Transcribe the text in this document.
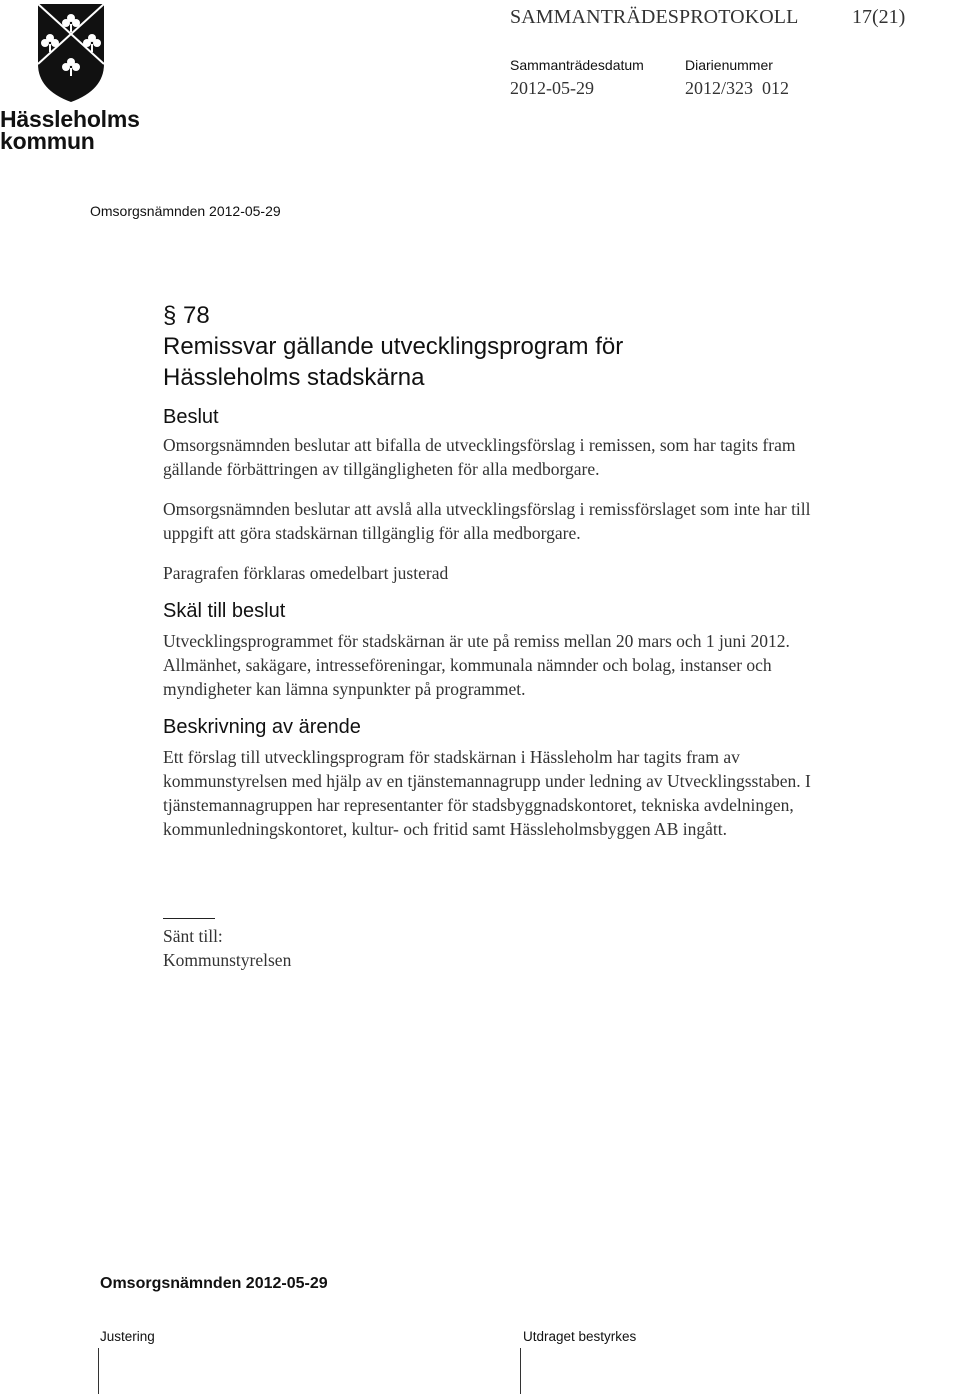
Hässleholms
kommun
SAMMANTRÄDESPROTOKOLL	17(21)
Sammanträdesdatum
2012-05-29
Diarienummer
2012/323  012
Omsorgsnämnden 2012-05-29
§ 78
Remissvar gällande utvecklingsprogram för
Hässleholms stadskärna
Beslut

Omsorgsnämnden beslutar att bifalla de utvecklingsförslag i remissen, som har tagits fram gällande förbättringen av tillgängligheten för alla medborgare.

Omsorgsnämnden beslutar att avslå alla utvecklingsförslag i remissförslaget som inte har till uppgift att göra stadskärnan tillgänglig för alla medborgare.

Paragrafen förklaras omedelbart justerad

Skäl till beslut

Utvecklingsprogrammet för stadskärnan är ute på remiss mellan 20 mars och 1 juni 2012. Allmänhet, sakägare, intresseföreningar, kommunala nämnder och bolag, instanser och myndigheter kan lämna synpunkter på programmet.

Beskrivning av ärende

Ett förslag till utvecklingsprogram för stadskärnan i Hässleholm har tagits fram av kommunstyrelsen med hjälp av en tjänstemannagrupp under ledning av Utvecklingsstaben. I tjänstemannagruppen har representanter för stadsbyggnadskontoret, tekniska avdelningen, kommunledningskontoret, kultur- och fritid samt Hässleholmsbyggen AB ingått.

Sänt till:
Kommunstyrelsen
Omsorgsnämnden 2012-05-29
Justering	Utdraget bestyrkes
